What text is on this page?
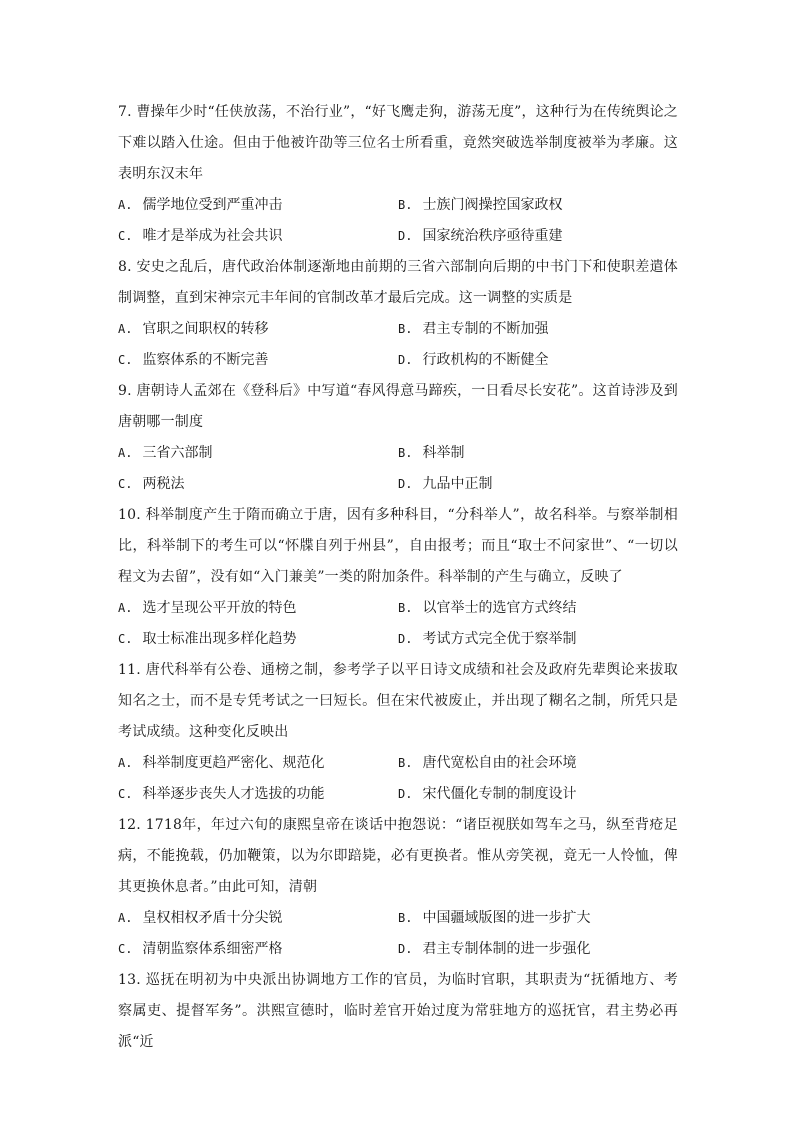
7. 曹操年少时“任侠放荡，不治行业”，“好飞鹰走狗，游荡无度”，这种行为在传统舆论之下难以踏入仕途。但由于他被许劭等三位名士所看重，竟然突破选举制度被举为孝廉。这表明东汉末年

A. 儒学地位受到严重冲击	B. 士族门阀操控国家政权
C. 唯才是举成为社会共识	D. 国家统治秩序亟待重建

8. 安史之乱后，唐代政治体制逐渐地由前期的三省六部制向后期的中书门下和使职差遣体制调整，直到宋神宗元丰年间的官制改革才最后完成。这一调整的实质是

A. 官职之间职权的转移	B. 君主专制的不断加强
C. 监察体系的不断完善	D. 行政机构的不断健全

9. 唐朝诗人孟郊在《登科后》中写道“春风得意马蹄疾，一日看尽长安花”。这首诗涉及到唐朝哪一制度

A. 三省六部制	B. 科举制
C. 两税法	D. 九品中正制

10. 科举制度产生于隋而确立于唐，因有多种科目，“分科举人”，故名科举。与察举制相比，科举制下的考生可以“怀牒自列于州县”，自由报考；而且“取士不问家世”、“一切以程文为去留”，没有如“入门兼美”一类的附加条件。科举制的产生与确立，反映了

A. 选才呈现公平开放的特色	B. 以官举士的选官方式终结
C. 取士标准出现多样化趋势	D. 考试方式完全优于察举制

11. 唐代科举有公卷、通榜之制，参考学子以平日诗文成绩和社会及政府先辈舆论来拔取知名之士，而不是专凭考试之一曰短长。但在宋代被废止，并出现了糊名之制，所凭只是考试成绩。这种变化反映出

A. 科举制度更趋严密化、规范化	B. 唐代宽松自由的社会环境
C. 科举逐步丧失人才选拔的功能	D. 宋代僵化专制的制度设计

12. 1718年，年过六旬的康熙皇帝在谈话中抱怨说：“诸臣视朕如驾车之马，纵至背疮足病，不能挽载，仍加鞭策，以为尔即踣毙，必有更换者。惟从旁笑视，竟无一人怜恤，俾其更换休息者。”由此可知，清朝

A. 皇权相权矛盾十分尖锐	B. 中国疆域版图的进一步扩大
C. 清朝监察体系细密严格	D. 君主专制体制的进一步强化

13. 巡抚在明初为中央派出协调地方工作的官员，为临时官职，其职责为“抚循地方、考察属吏、提督军务”。洪熙宣德时，临时差官开始过度为常驻地方的巡抚官，君主势必再派“近
